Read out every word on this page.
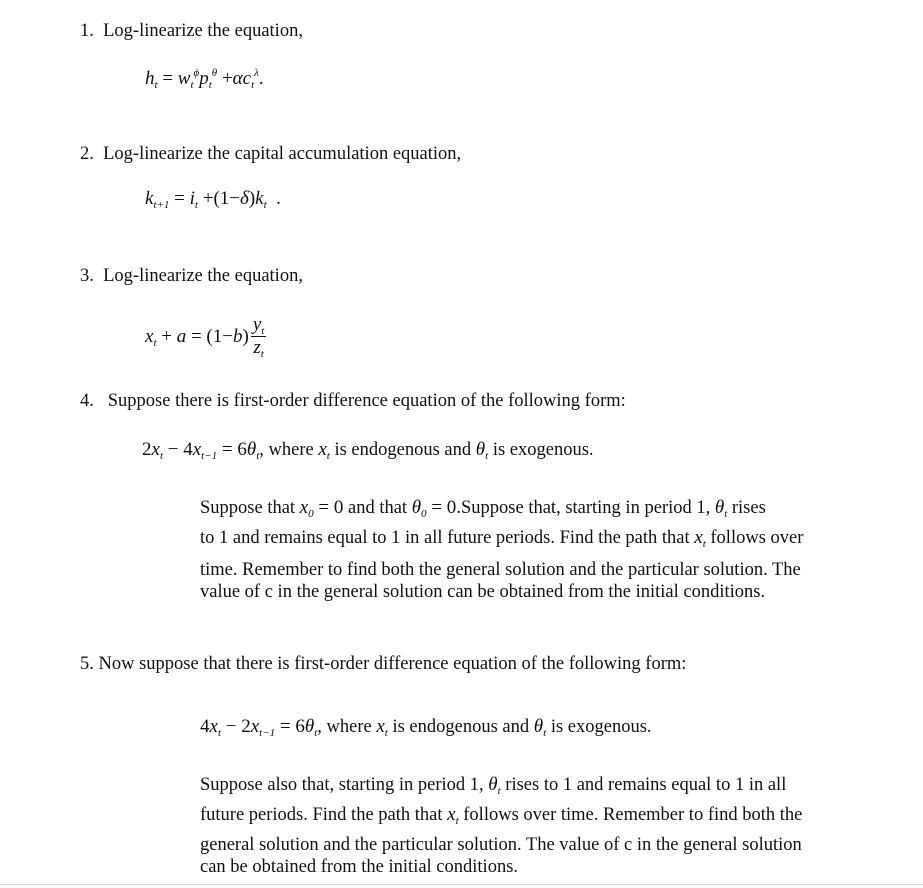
1. Log-linearize the equation,
$h_t = w_t^\phi p_t^\theta +\alpha c_t^\lambda$.
2. Log-linearize the capital accumulation equation,
$k_{t+1} = i_t +(1-\delta)k_t$  .
3. Log-linearize the equation,
$x_t + a = (1-b) \frac{y_t}{z_t}$
4. Suppose there is first-order difference equation of the following form:
$2x_t - 4x_{t-1} = 6\theta_t$, where $x_t$ is endogenous and $\theta_t$ is exogenous.
Suppose that $x_0 = 0$ and that $\theta_0$ = 0.Suppose that, starting in period 1, $\theta_t$ rises
to 1 and remains equal to 1 in all future periods. Find the path that $x_t$ follows over
time. Remember to find both the general solution and the particular solution. The
value of c in the general solution can be obtained from the initial conditions.
5. Now suppose that there is first-order difference equation of the following form:
$4x_t - 2x_{t-1} = 6\theta_t$, where $x_t$ is endogenous and $\theta_t$ is exogenous.
Suppose also that, starting in period 1, $\theta_t$ rises to 1 and remains equal to 1 in all
future periods. Find the path that $x_t$ follows over time. Remember to find both the
general solution and the particular solution. The value of c in the general solution
can be obtained from the initial conditions.
